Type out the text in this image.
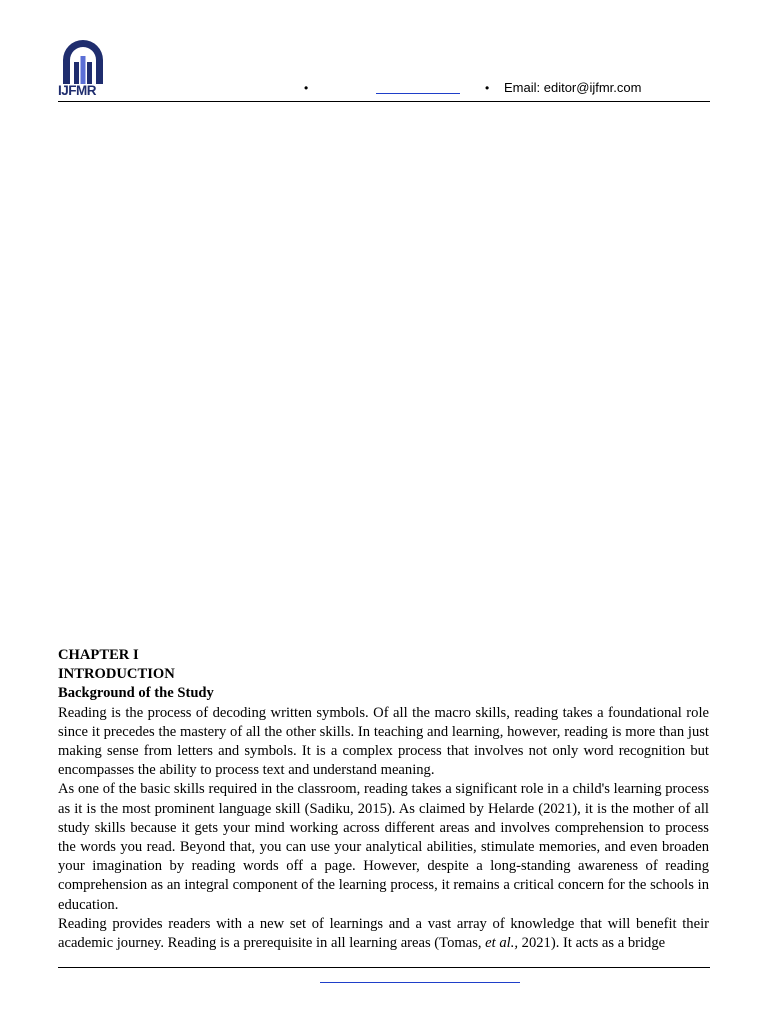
IJFMR	•	• Email: editor@ijfmr.com

CHAPTER I

INTRODUCTION

Background of the Study

Reading is the process of decoding written symbols. Of all the macro skills, reading takes a foundational role since it precedes the mastery of all the other skills. In teaching and learning, however, reading is more than just making sense from letters and symbols. It is a complex process that involves not only word recognition but encompasses the ability to process text and understand meaning.

As one of the basic skills required in the classroom, reading takes a significant role in a child's learning process as it is the most prominent language skill (Sadiku, 2015). As claimed by Helarde (2021), it is the mother of all study skills because it gets your mind working across different areas and involves comprehension to process the words you read. Beyond that, you can use your analytical abilities, stimulate memories, and even broaden your imagination by reading words off a page. However, despite a long-standing awareness of reading comprehension as an integral component of the learning process, it remains a critical concern for the schools in education.

Reading provides readers with a new set of learnings and a vast array of knowledge that will benefit their academic journey. Reading is a prerequisite in all learning areas (Tomas, et al., 2021). It acts as a bridge
